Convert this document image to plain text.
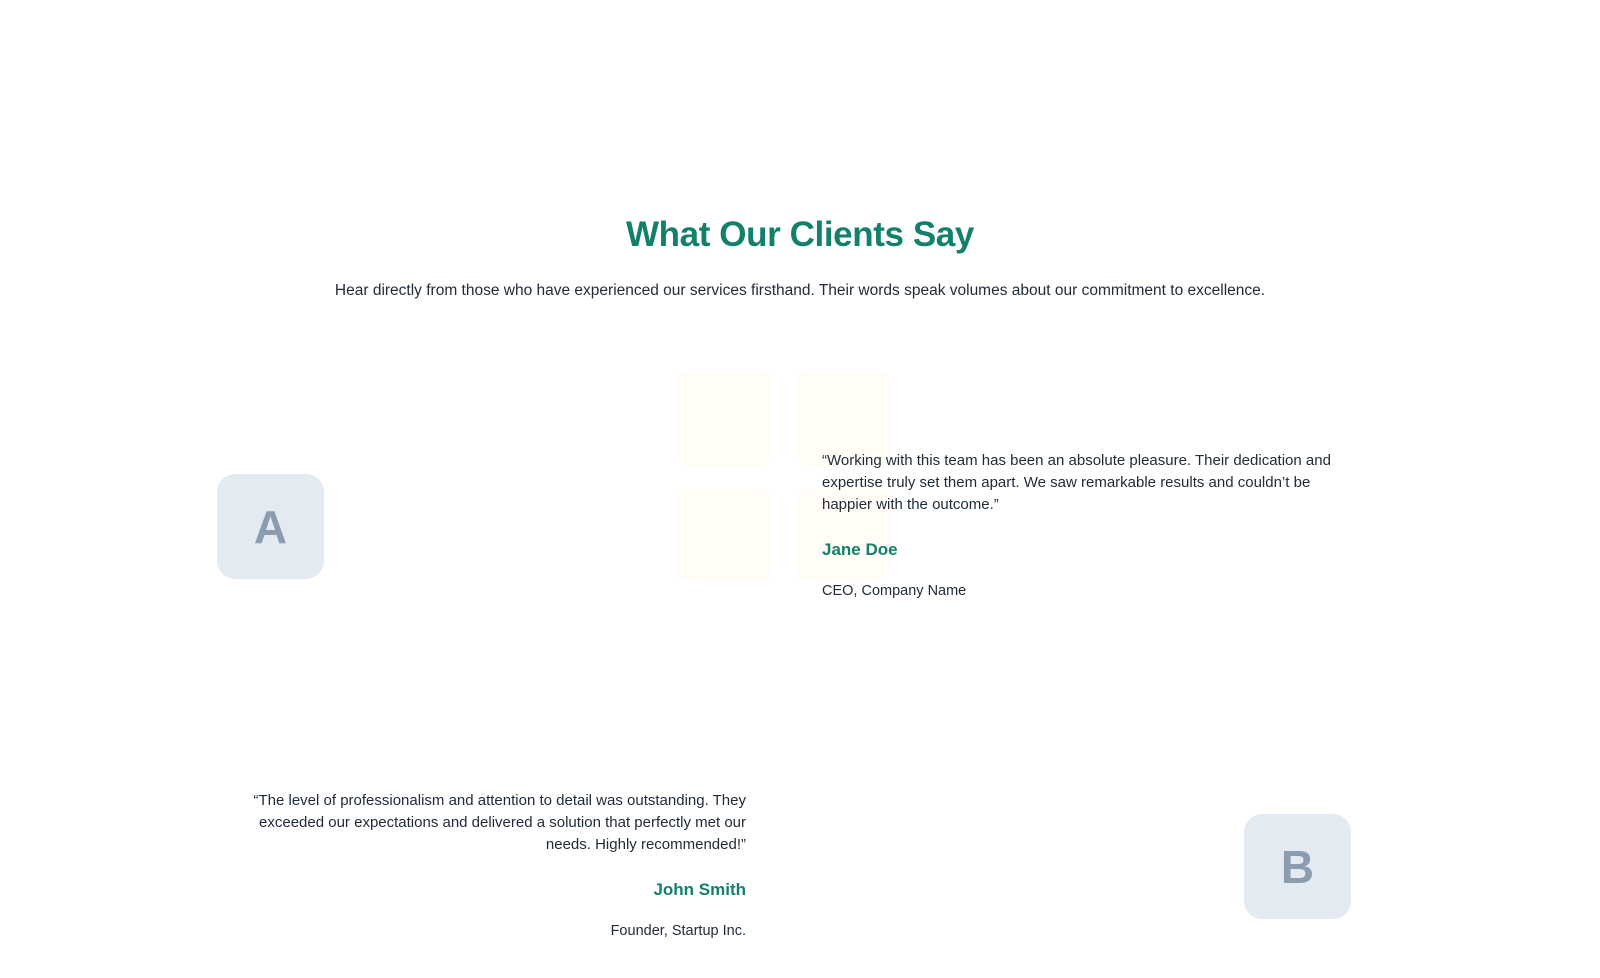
What Our Clients Say

Hear directly from those who have experienced our services firsthand. Their words speak volumes about our commitment to excellence.

A
B
“Working with this team has been an absolute pleasure. Their dedication and expertise truly set them apart. We saw remarkable results and couldn’t be happier with the outcome.”
Jane Doe
CEO, Company Name
“The level of professionalism and attention to detail was outstanding. They exceeded our expectations and delivered a solution that perfectly met our needs. Highly recommended!”
John Smith
Founder, Startup Inc.
